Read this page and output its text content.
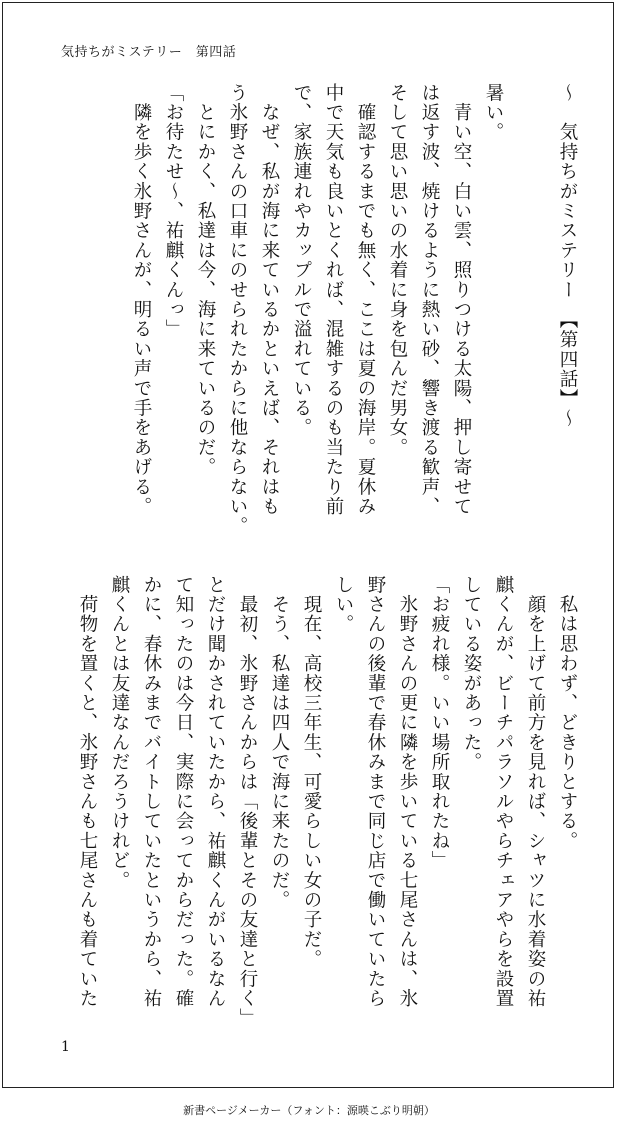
気持ちがミステリー　第四話
～　気持ちがミステリー　【第四話】～
暑い。
　青い空、白い雲、照りつける太陽、押し寄せて
は返す波、焼けるように熱い砂、響き渡る歓声、
そして思い思いの水着に身を包んだ男女。
　確認するまでも無く、ここは夏の海岸。夏休み
中で天気も良いとくれば、混雑するのも当たり前
で、家族連れやカップルで溢れている。
　なぜ、私が海に来ているかといえば、それはも
う氷野さんの口車にのせられたからに他ならない。
　とにかく、私達は今、海に来ているのだ。
「お待たせ～、祐麒くんっ」
　隣を歩く氷野さんが、明るい声で手をあげる。
　私は思わず、どきりとする。
　顔を上げて前方を見れば、シャツに水着姿の祐
麒くんが、ビーチパラソルやらチェアやらを設置
している姿があった。
「お疲れ様。いい場所取れたね」
　氷野さんの更に隣を歩いている七尾さんは、氷
野さんの後輩で春休みまで同じ店で働いていたら
しい。
　現在、高校三年生、可愛らしい女の子だ。
　そう、私達は四人で海に来たのだ。
　最初、氷野さんからは「後輩とその友達と行く」
とだけ聞かされていたから、祐麒くんがいるなん
て知ったのは今日、実際に会ってからだった。確
かに、春休みまでバイトしていたというから、祐
麒くんとは友達なんだろうけれど。
　荷物を置くと、氷野さんも七尾さんも着ていた
1
新書ページメーカー（フォント：源暎こぶり明朝）
